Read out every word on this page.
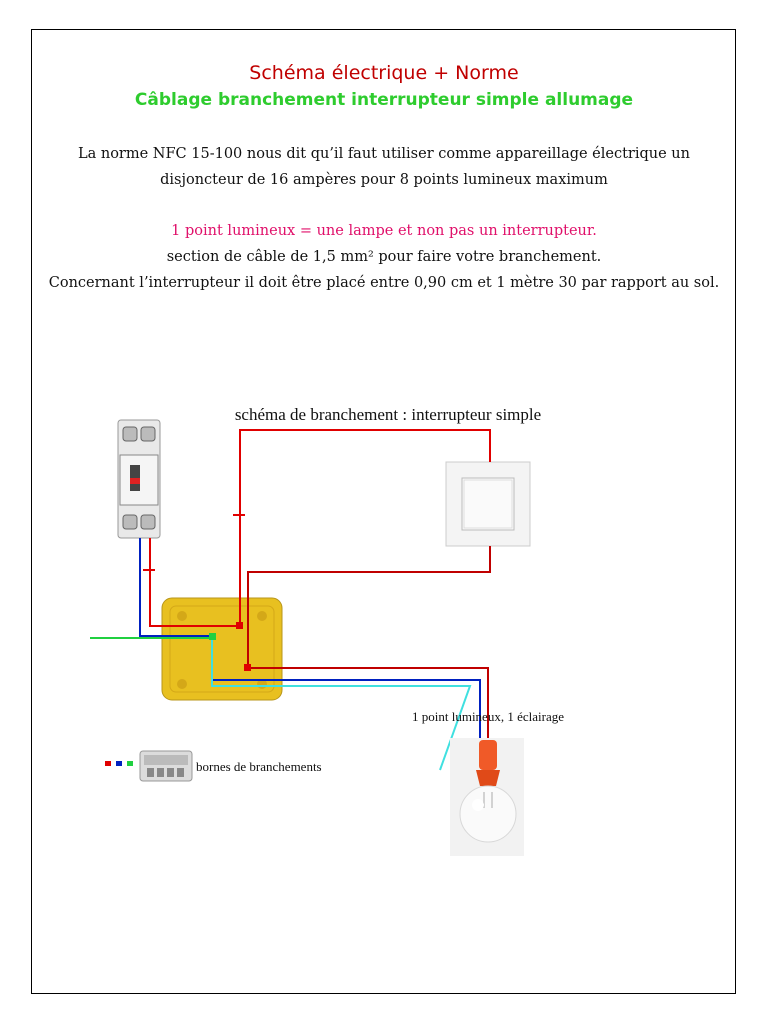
Schéma électrique + Norme
Câblage branchement interrupteur simple allumage
La norme NFC 15-100 nous dit qu’il faut utiliser comme appareillage électrique un
disjoncteur de 16 ampères pour 8 points lumineux maximum
1 point lumineux = une lampe et non pas un interrupteur.
section de câble de 1,5 mm² pour faire votre branchement.
Concernant l’interrupteur il doit être placé entre 0,90 cm et 1 mètre 30 par rapport au sol.
schéma de branchement : interrupteur simple
1 point lumineux, 1 éclairage
bornes de branchements
